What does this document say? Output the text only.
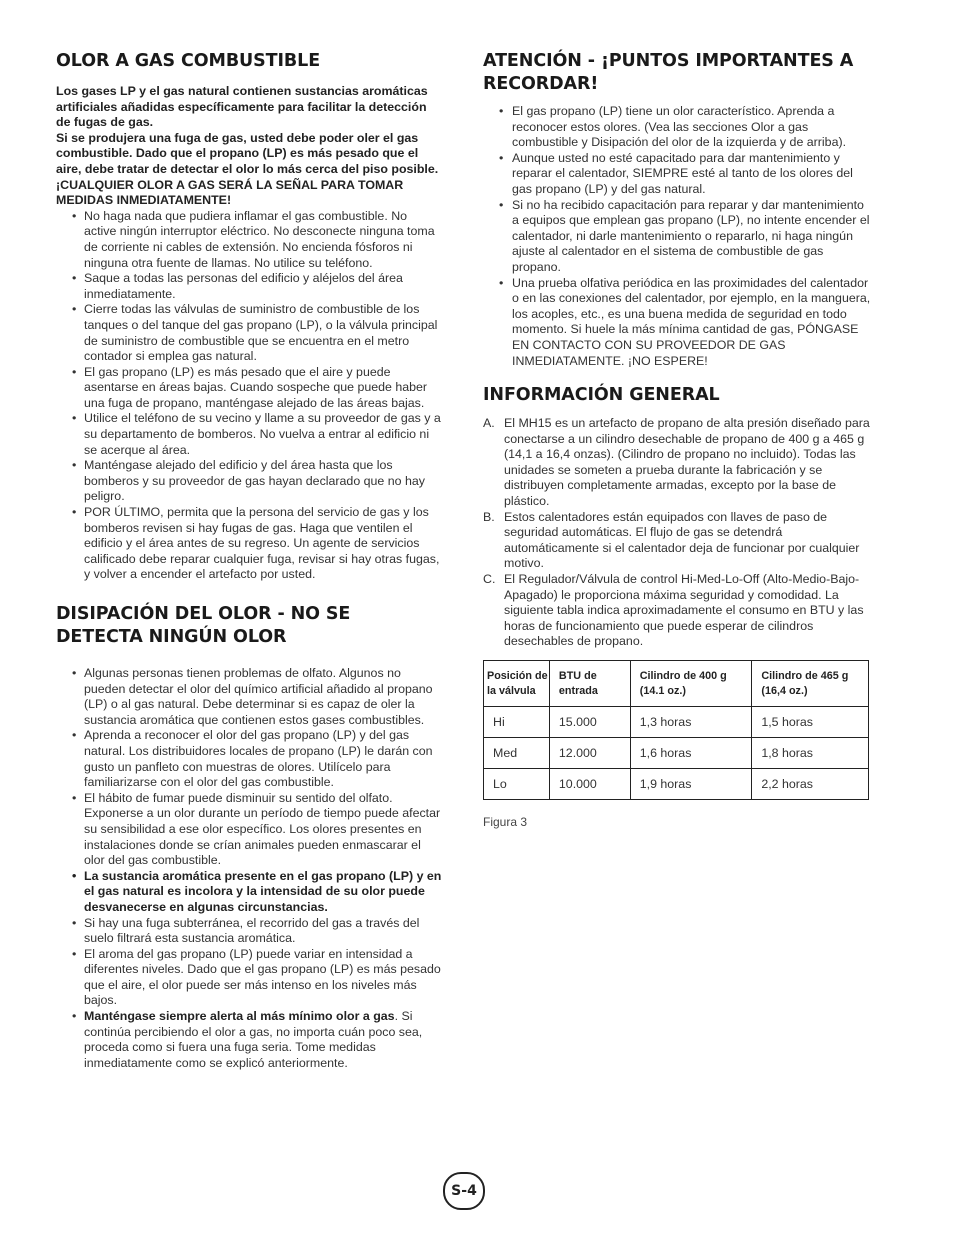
OLOR A GAS COMBUSTIBLE
Los gases LP y el gas natural contienen sustancias aromáticas artificiales añadidas específicamente para facilitar la detección de fugas de gas.
Si se produjera una fuga de gas, usted debe poder oler el gas combustible. Dado que el propano (LP) es más pesado que el aire, debe tratar de detectar el olor lo más cerca del piso posible. ¡CUALQUIER OLOR A GAS SERÁ LA SEÑAL PARA TOMAR MEDIDAS INMEDIATAMENTE!
• No haga nada que pudiera inflamar el gas combustible. No active ningún interruptor eléctrico. No desconecte ninguna toma de corriente ni cables de extensión. No encienda fósforos ni ninguna otra fuente de llamas. No utilice su teléfono.
• Saque a todas las personas del edificio y aléjelos del área inmediatamente.
• Cierre todas las válvulas de suministro de combustible de los tanques o del tanque del gas propano (LP), o la válvula principal de suministro de combustible que se encuentra en el metro contador si emplea gas natural.
• El gas propano (LP) es más pesado que el aire y puede asentarse en áreas bajas. Cuando sospeche que puede haber una fuga de propano, manténgase alejado de las áreas bajas.
• Utilice el teléfono de su vecino y llame a su proveedor de gas y a su departamento de bomberos. No vuelva a entrar al edificio ni se acerque al área.
• Manténgase alejado del edificio y del área hasta que los bomberos y su proveedor de gas hayan declarado que no hay peligro.
• POR ÚLTIMO, permita que la persona del servicio de gas y los bomberos revisen si hay fugas de gas. Haga que ventilen el edificio y el área antes de su regreso. Un agente de servicios calificado debe reparar cualquier fuga, revisar si hay otras fugas, y volver a encender el artefacto por usted.
DISIPACIÓN DEL OLOR - NO SE DETECTA NINGÚN OLOR
• Algunas personas tienen problemas de olfato. Algunos no pueden detectar el olor del químico artificial añadido al propano (LP) o al gas natural. Debe determinar si es capaz de oler la sustancia aromática que contienen estos gases combustibles.
• Aprenda a reconocer el olor del gas propano (LP) y del gas natural. Los distribuidores locales de propano (LP) le darán con gusto un panfleto con muestras de olores. Utilícelo para familiarizarse con el olor del gas combustible.
• El hábito de fumar puede disminuir su sentido del olfato. Exponerse a un olor durante un período de tiempo puede afectar su sensibilidad a ese olor específico. Los olores presentes en instalaciones donde se crían animales pueden enmascarar el olor del gas combustible.
• La sustancia aromática presente en el gas propano (LP) y en el gas natural es incolora y la intensidad de su olor puede desvanecerse en algunas circunstancias.
• Si hay una fuga subterránea, el recorrido del gas a través del suelo filtrará esta sustancia aromática.
• El aroma del gas propano (LP) puede variar en intensidad a diferentes niveles. Dado que el gas propano (LP) es más pesado que el aire, el olor puede ser más intenso en los niveles más bajos.
• Manténgase siempre alerta al más mínimo olor a gas. Si continúa percibiendo el olor a gas, no importa cuán poco sea, proceda como si fuera una fuga seria. Tome medidas inmediatamente como se explicó anteriormente.
ATENCIÓN - ¡PUNTOS IMPORTANTES A RECORDAR!
• El gas propano (LP) tiene un olor característico. Aprenda a reconocer estos olores. (Vea las secciones Olor a gas combustible y Disipación del olor de la izquierda y de arriba).
• Aunque usted no esté capacitado para dar mantenimiento y reparar el calentador, SIEMPRE esté al tanto de los olores del gas propano (LP) y del gas natural.
• Si no ha recibido capacitación para reparar y dar mantenimiento a equipos que emplean gas propano (LP), no intente encender el calentador, ni darle mantenimiento o repararlo, ni haga ningún ajuste al calentador en el sistema de combustible de gas propano.
• Una prueba olfativa periódica en las proximidades del calentador o en las conexiones del calentador, por ejemplo, en la manguera, los acoples, etc., es una buena medida de seguridad en todo momento. Si huele la más mínima cantidad de gas, PÓNGASE EN CONTACTO CON SU PROVEEDOR DE GAS INMEDIATAMENTE. ¡NO ESPERE!
INFORMACIÓN GENERAL
A. El MH15 es un artefacto de propano de alta presión diseñado para conectarse a un cilindro desechable de propano de 400 g a 465 g (14,1 a 16,4 onzas). (Cilindro de propano no incluido). Todas las unidades se someten a prueba durante la fabricación y se distribuyen completamente armadas, excepto por la base de plástico.
B. Estos calentadores están equipados con llaves de paso de seguridad automáticas. El flujo de gas se detendrá automáticamente si el calentador deja de funcionar por cualquier motivo.
C. El Regulador/Válvula de control Hi-Med-Lo-Off (Alto-Medio-Bajo-Apagado) le proporciona máxima seguridad y comodidad. La siguiente tabla indica aproximadamente el consumo en BTU y las horas de funcionamiento que puede esperar de cilindros desechables de propano.
Posición de la válvula	BTU de entrada	Cilindro de 400 g (14.1 oz.)	Cilindro de 465 g (16,4 oz.)
Hi	15.000	1,3 horas	1,5 horas
Med	12.000	1,6 horas	1,8 horas
Lo	10.000	1,9 horas	2,2 horas
Figura 3
S-4
